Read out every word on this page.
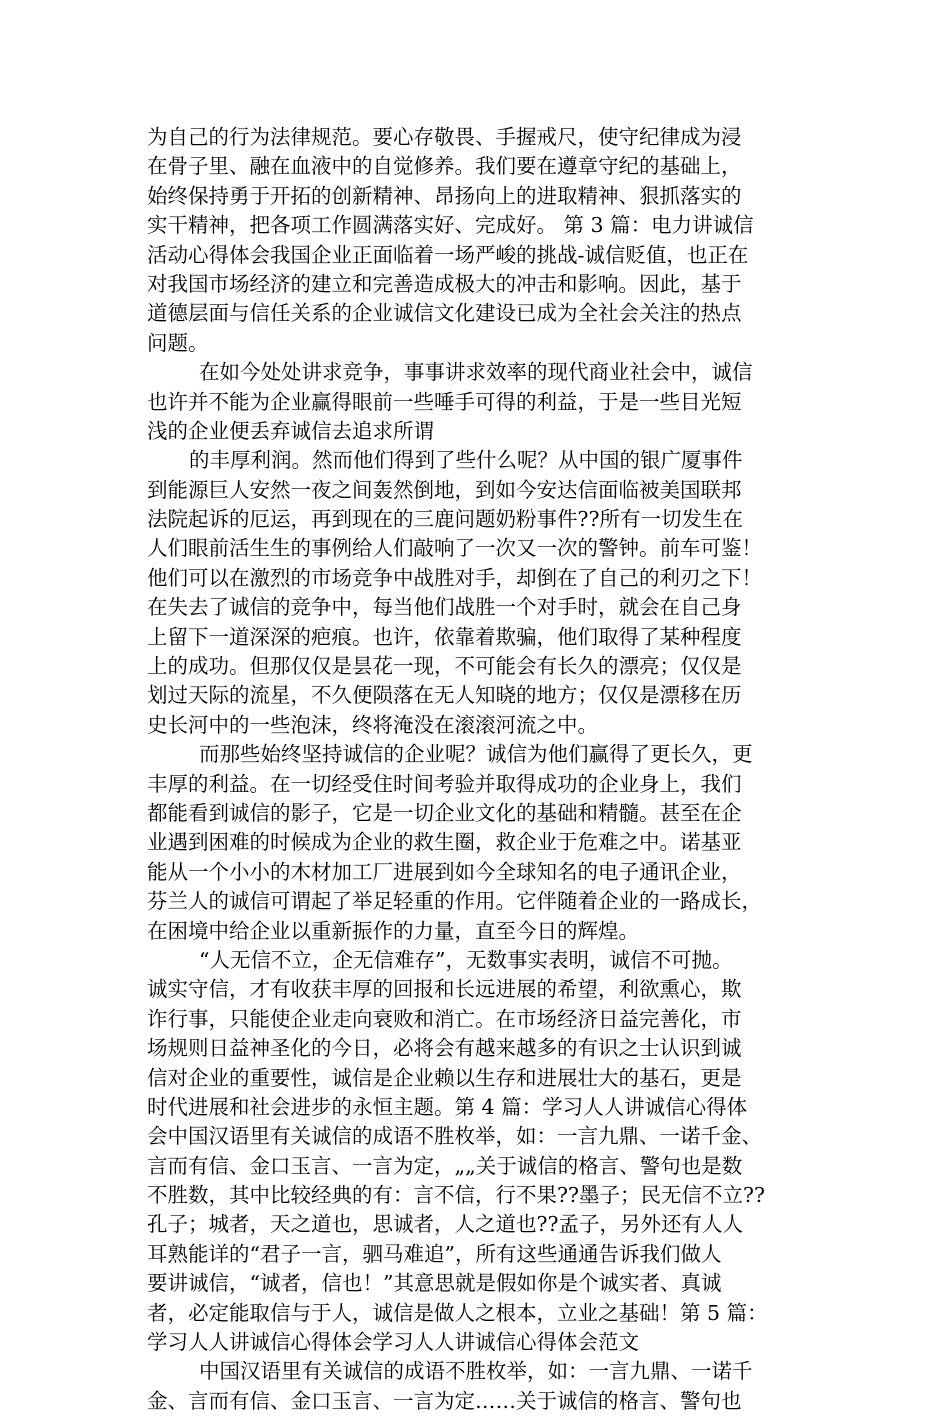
为自己的行为法律规范。要心存敬畏、手握戒尺，使守纪律成为浸
在骨子里、融在血液中的自觉修养。我们要在遵章守纪的基础上，
始终保持勇于开拓的创新精神、昂扬向上的进取精神、狠抓落实的
实干精神，把各项工作圆满落实好、完成好。 第 3 篇：电力讲诚信
活动心得体会我国企业正面临着一场严峻的挑战-诚信贬值，也正在
对我国市场经济的建立和完善造成极大的冲击和影响。因此，基于
道德层面与信任关系的企业诚信文化建设已成为全社会关注的热点
问题。
在如今处处讲求竞争，事事讲求效率的现代商业社会中，诚信
也许并不能为企业赢得眼前一些唾手可得的利益，于是一些目光短
浅的企业便丢弃诚信去追求所谓
的丰厚利润。然而他们得到了些什么呢？从中国的银广厦事件
到能源巨人安然一夜之间轰然倒地，到如今安达信面临被美国联邦
法院起诉的厄运，再到现在的三鹿问题奶粉事件??所有一切发生在
人们眼前活生生的事例给人们敲响了一次又一次的警钟。前车可鉴！
他们可以在激烈的市场竞争中战胜对手，却倒在了自己的利刃之下！
在失去了诚信的竞争中，每当他们战胜一个对手时，就会在自己身
上留下一道深深的疤痕。也许，依靠着欺骗，他们取得了某种程度
上的成功。但那仅仅是昙花一现，不可能会有长久的漂亮；仅仅是
划过天际的流星，不久便陨落在无人知晓的地方；仅仅是漂移在历
史长河中的一些泡沫，终将淹没在滚滚河流之中。
而那些始终坚持诚信的企业呢？诚信为他们赢得了更长久，更
丰厚的利益。在一切经受住时间考验并取得成功的企业身上，我们
都能看到诚信的影子，它是一切企业文化的基础和精髓。甚至在企
业遇到困难的时候成为企业的救生圈，救企业于危难之中。诺基亚
能从一个小小的木材加工厂进展到如今全球知名的电子通讯企业，
芬兰人的诚信可谓起了举足轻重的作用。它伴随着企业的一路成长，
在困境中给企业以重新振作的力量，直至今日的辉煌。
“人无信不立，企无信难存”，无数事实表明，诚信不可抛。
诚实守信，才有收获丰厚的回报和长远进展的希望，利欲熏心，欺
诈行事，只能使企业走向衰败和消亡。在市场经济日益完善化，市
场规则日益神圣化的今日，必将会有越来越多的有识之士认识到诚
信对企业的重要性，诚信是企业赖以生存和进展壮大的基石，更是
时代进展和社会进步的永恒主题。第 4 篇：学习人人讲诚信心得体
会中国汉语里有关诚信的成语不胜枚举，如：一言九鼎、一诺千金、
言而有信、金口玉言、一言为定，„„关于诚信的格言、警句也是数
不胜数，其中比较经典的有：言不信，行不果??墨子；民无信不立??
孔子；城者，天之道也，思诚者，人之道也??孟子，另外还有人人
耳熟能详的“君子一言，驷马难追”，所有这些通通告诉我们做人
要讲诚信，“诚者，信也！”其意思就是假如你是个诚实者、真诚
者，必定能取信与于人，诚信是做人之根本，立业之基础！第 5 篇：
学习人人讲诚信心得体会学习人人讲诚信心得体会范文
中国汉语里有关诚信的成语不胜枚举，如：一言九鼎、一诺千
金、言而有信、金口玉言、一言为定……关于诚信的格言、警句也
